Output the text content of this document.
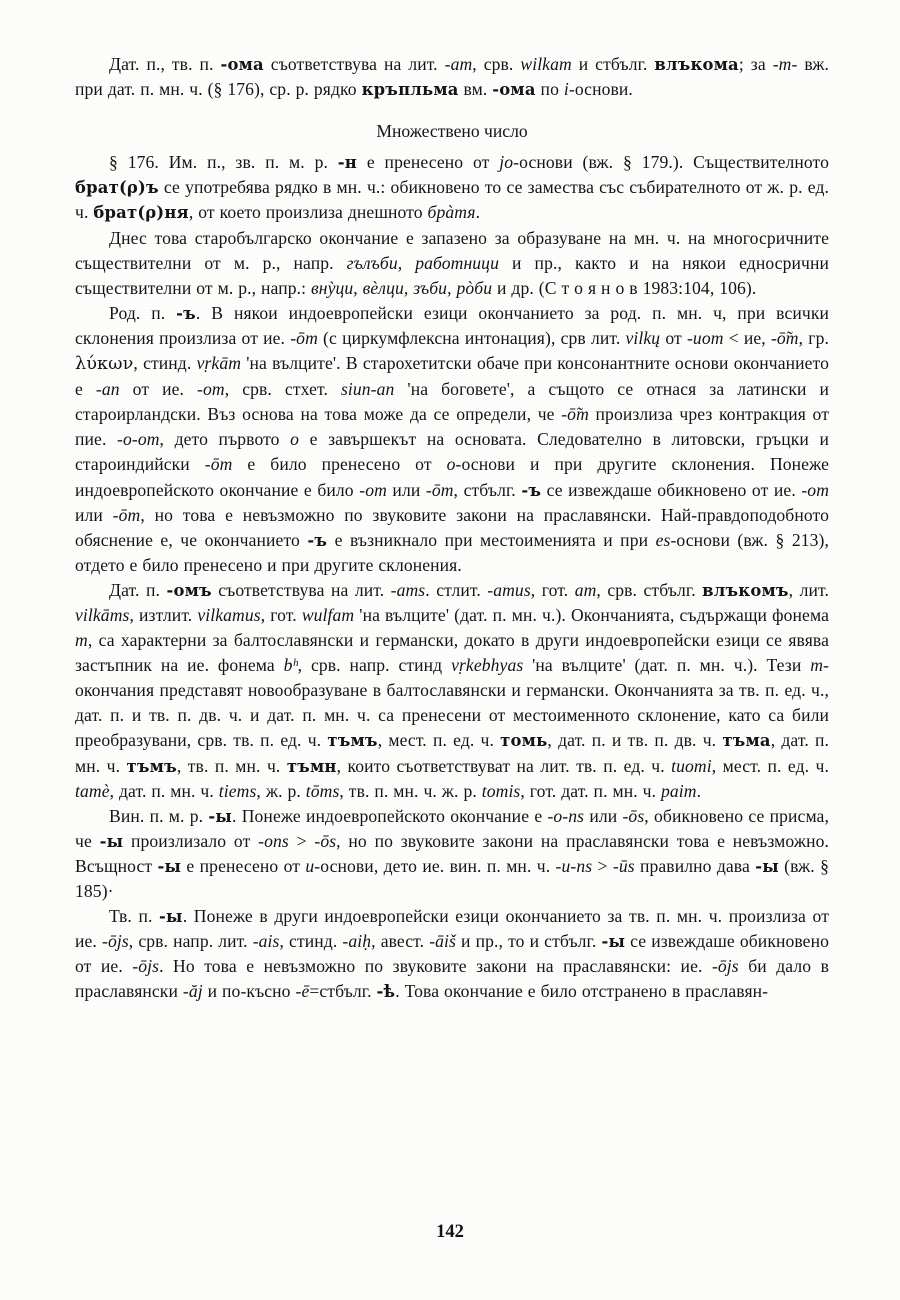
Дат. п., тв. п. -ома съответствува на лит. -am, срв. wilkam и стбълг. влъкома; за -m- вж. при дат. п. мн. ч. (§ 176), ср. р. рядко кръпльма вм. -ома по i-основи.

Множествено число

§ 176. Им. п., зв. п. м. р. -н е пренесено от jo-основи (вж. § 179.). Съществителното брат(ρ)ъ се употребява рядко в мн. ч.: обикновено то се замества със събирателното от ж. р. ед. ч. брат(ρ)ня, от което произлиза днешното брàтя.

Днес това старобългарско окончание е запазено за образуване на мн. ч. на многосричните съществителни от м. р., напр. гълъби, работници и пр., както и на някои едносрични съществителни от м. р., напр.: внỳци, вèлци, зъби, рòби и др. (С т о я н о в 1983:104, 106).

Род. п. -ъ. В някои индоевропейски езици окончанието за род. п. мн. ч, при всички склонения произлиза от ие. -ōm (с циркумфлексна интонация), срв лит. vilkų от -uom < ие, -ō̃m, гр. λύκων, стинд. vṛkām 'на вълците'. В старохетитски обаче при консонантните основи окончанието е -an от ие. -om, срв. стхет. siun-an 'на боговете', а същото се отнася за латински и староирландски. Въз основа на това може да се определи, че -ō̃m произлиза чрез контракция от пие. -o-om, дето първото o е завършекът на основата. Следователно в литовски, гръцки и староиндийски -ōm е било пренесено от o-основи и при другите склонения. Понеже индоевропейското окончание е било -om или -ōm, стбълг. -ъ се извеждаше обикновено от ие. -om или -ōm, но това е невъзможно по звуковите закони на праславянски. Най-правдоподобното обяснение е, че окончанието -ъ е възникнало при местоименията и при es-основи (вж. § 213), отдето е било пренесено и при другите склонения.

Дат. п. -омъ съответствува на лит. -ams. стлит. -amus, гот. am, срв. стбълг. влъкомъ, лит. vilkāms, изтлит. vilkamus, гот. wulfam 'на вълците' (дат. п. мн. ч.). Окончанията, съдържащи фонема m, са характерни за балтославянски и германски, докато в други индоевропейски езици се явява застъпник на ие. фонема bʰ, срв. напр. стинд vṛkebhyas 'на вълците' (дат. п. мн. ч.). Тези m-окончания представят новообразуване в балтославянски и германски. Окончанията за тв. п. ед. ч., дат. п. и тв. п. дв. ч. и дат. п. мн. ч. са пренесени от местоименното склонение, като са били преобразувани, срв. тв. п. ед. ч. тъмъ, мест. п. ед. ч. томь, дат. п. и тв. п. дв. ч. тъма, дат. п. мн. ч. тъмъ, тв. п. мн. ч. тъмн, които съответствуват на лит. тв. п. ед. ч. tuomi, мест. п. ед. ч. tamè, дат. п. мн. ч. tiems, ж. р. tōms, тв. п. мн. ч. ж. р. tomis, гот. дат. п. мн. ч. paim.

Вин. п. м. р. -ы. Понеже индоевропейското окончание е -o-ns или -ōs, обикновено се присма, че -ы произлизало от -ons > -ōs, но по звуковите закони на праславянски това е невъзможно. Всъщност -ы е пренесено от u-основи, дето ие. вин. п. мн. ч. -u-ns > -ūs правилно дава -ы (вж. § 185)·

Тв. п. -ы. Понеже в други индоевропейски езици окончанието за тв. п. мн. ч. произлиза от ие. -ōjs, срв. напр. лит. -ais, стинд. -aiḥ, авест. -āiš и пр., то и стбълг. -ы се извеждаше обикновено от ие. -ōjs. Но това е невъзможно по звуковите закони на праславянски: ие. -ōjs би дало в праславянски -ăj и по-късно -ē=стбълг. -ѣ. Това окончание е било отстранено в праславян-

142
